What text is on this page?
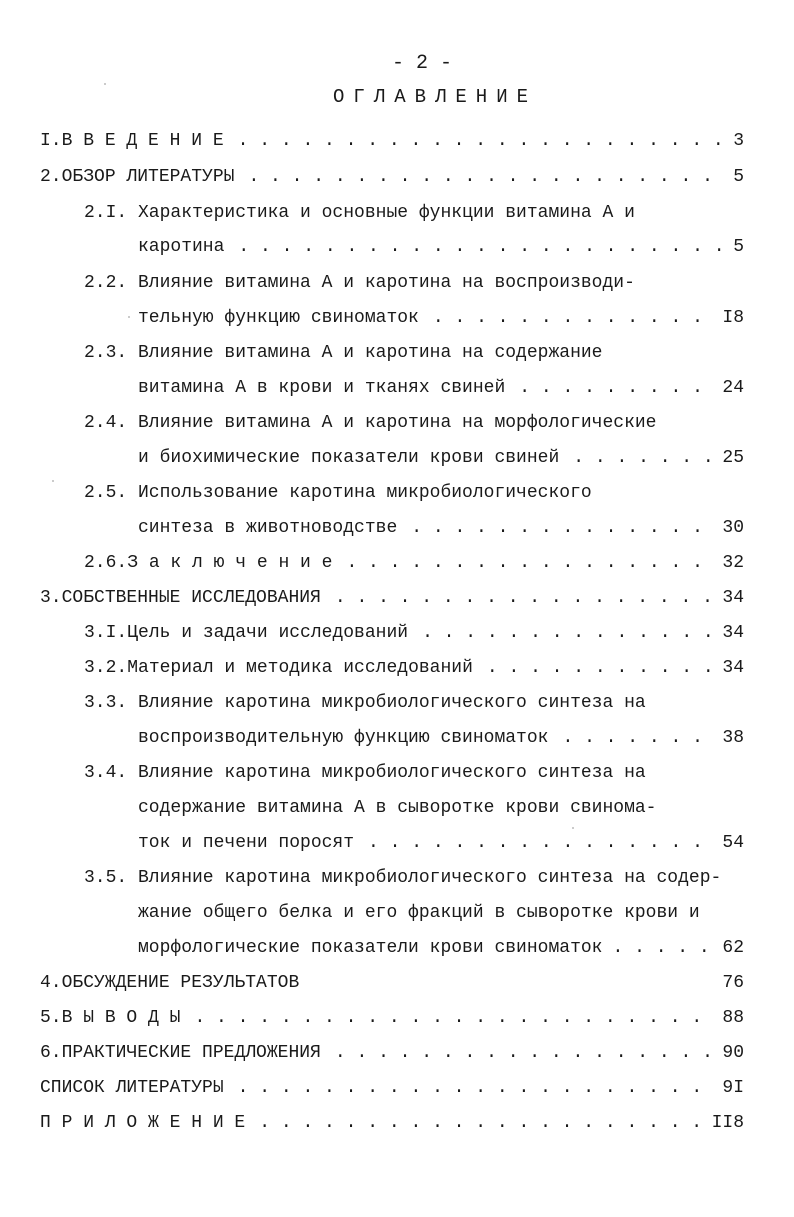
- 2 -
ОГЛАВЛЕНИЕ
I. В В Е Д Е Н И Е . . .	3
2. ОБЗОР ЛИТЕРАТУРЫ . . .	5
2.I. Характеристика и основные функции витамина А и
каротина . . .	5
2.2. Влияние витамина А и каротина на воспроизводи-
тельную функцию свиноматок . . .	I8
2.3. Влияние витамина А и каротина на содержание
витамина А в крови и тканях свиней . . .	24
2.4. Влияние витамина А и каротина на морфологические
и биохимические показатели крови свиней . . .	25
2.5. Использование каротина микробиологического
синтеза в животноводстве . . .	30
2.6. З а к л ю ч е н и е . . .	32
3. СОБСТВЕННЫЕ ИССЛЕДОВАНИЯ . . .	34
3.I. Цель и задачи исследований . . .	34
3.2. Материал и методика исследований . . .	34
3.3. Влияние каротина микробиологического синтеза на
воспроизводительную функцию свиноматок . . .	38
3.4. Влияние каротина микробиологического синтеза на
содержание витамина А в сыворотке крови свинома-
ток и печени поросят . . .	54
3.5. Влияние каротина микробиологического синтеза на содер-
жание общего белка и его фракций в сыворотке крови и
морфологические показатели крови свиноматок . . .	62
4. ОБСУЖДЕНИЕ РЕЗУЛЬТАТОВ	76
5. В Ы В О Д Ы . . .	88
6. ПРАКТИЧЕСКИЕ ПРЕДЛОЖЕНИЯ . . .	90
СПИСОК ЛИТЕРАТУРЫ . . .	9I
П Р И Л О Ж Е Н И Е . . .	II8
